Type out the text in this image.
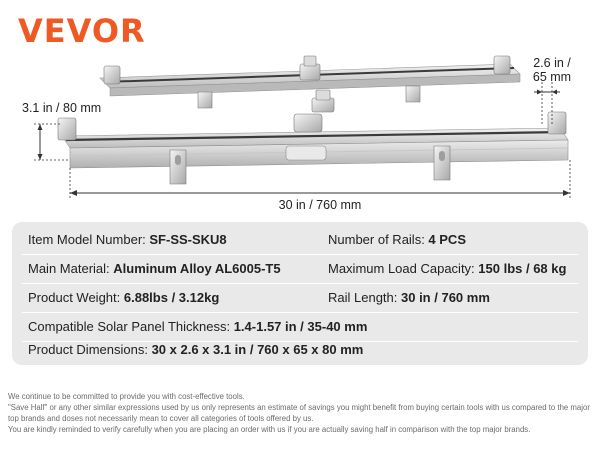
VEVOR
2.6 in /
65 mm
3.1 in / 80 mm
30 in / 760 mm
Item Model Number: SF-SS-SKU8	Number of Rails: 4 PCS
Main Material: Aluminum Alloy AL6005-T5	Maximum Load Capacity: 150 lbs / 68 kg
Product Weight: 6.88lbs / 3.12kg	Rail Length: 30 in / 760 mm
Compatible Solar Panel Thickness: 1.4-1.57 in / 35-40 mm
Product Dimensions: 30 x 2.6 x 3.1 in / 760 x 65 x 80 mm

We continue to be committed to provide you with cost-effective tools.

"Save Half" or any other similar expressions used by us only represents an estimate of savings you might benefit from buying certain tools with us compared to the major top brands and doses not necessarily mean to cover all categories of tools offered by us.

You are kindly reminded to verify carefully when you are placing an order with us if you are actually saving half in comparison with the top major brands.
